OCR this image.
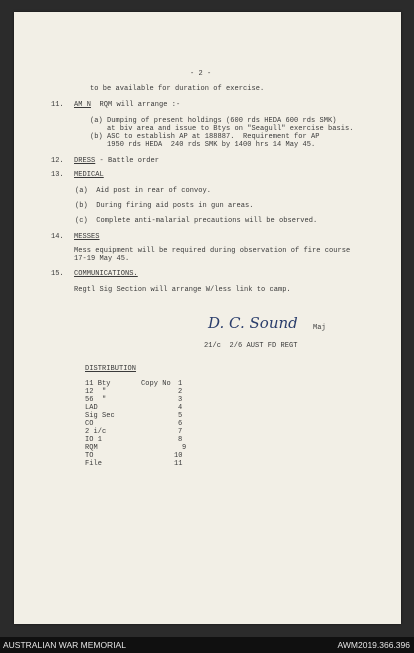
- 2 -
to be available for duration of exercise.
11. AM N  RQM will arrange :-
(a) Dumping of present holdings (600 rds HEDA 600 rds SMK)
at biv area and issue to Btys on "Seagull" exercise basis.
(b) ASC to establish AP at 188887.  Requirement for AP
1950 rds HEDA  240 rds SMK by 1400 hrs 14 May 45.
12. DRESS - Battle order
13. MEDICAL
(a)  Aid post in rear of convoy.
(b)  During firing aid posts in gun areas.
(c)  Complete anti-malarial precautions will be observed.
14. MESSES
Mess equipment will be required during observation of fire course
17-19 May 45.
15. COMMUNICATIONS.
Regtl Sig Section will arrange W/less link to camp.
D. C. Sound Maj
21/c  2/6 AUST FD REGT
DISTRIBUTION
Copy No
11 Bty	1
12  "	2
56  "	3
LAD	4
Sig Sec	5
CO	6
2 i/c	7
IO 1	8
RQM	9
TO	10
File	11
AUSTRALIAN WAR MEMORIAL	AWM2019.366.396
